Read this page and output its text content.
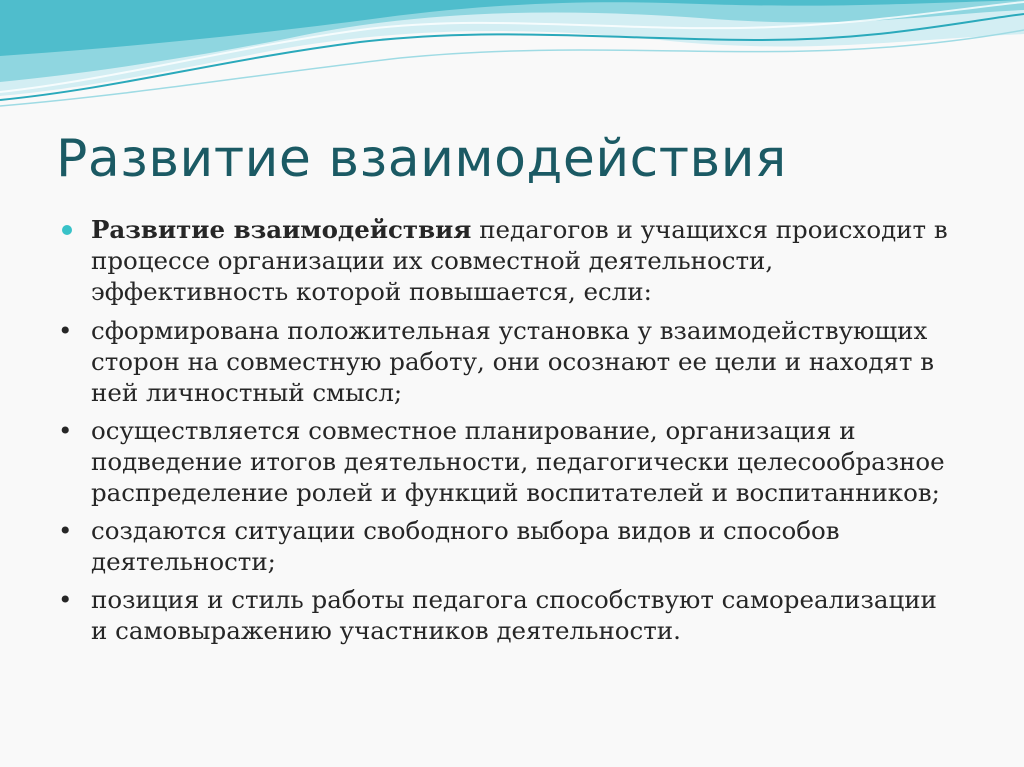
Развитие взаимодействия

Развитие взаимодействия педагогов и учащихся происходит в процессе организации их совместной деятельности, эффективность которой повышается, если:

• сформирована положительная установка у взаимодействующих сторон на совместную работу, они осознают ее цели и находят в ней личностный смысл;

• осуществляется совместное планирование, организация и подведение итогов деятельности, педагогически целесообразное распределение ролей и функций воспитателей и воспитанников;

• создаются ситуации свободного выбора видов и способов деятельности;

• позиция и стиль работы педагога способствуют самореализации и самовыражению участников деятельности.
